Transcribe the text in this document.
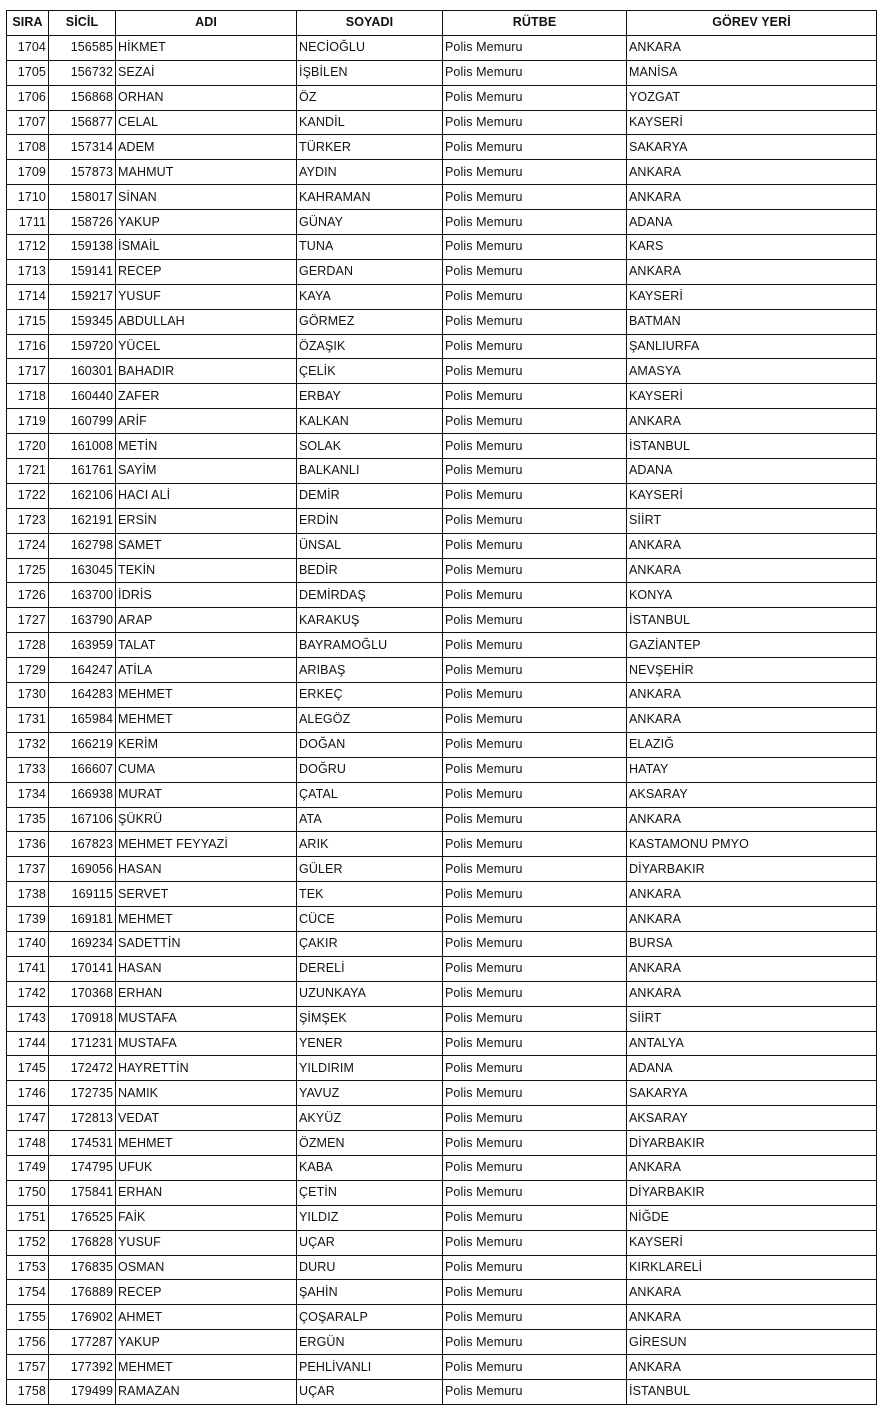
SIRA	SİCİL	ADI	SOYADI	RÜTBE	GÖREV YERİ
1704	156585	HİKMET	NECİOĞLU	Polis Memuru	ANKARA
1705	156732	SEZAİ	İŞBİLEN	Polis Memuru	MANİSA
1706	156868	ORHAN	ÖZ	Polis Memuru	YOZGAT
1707	156877	CELAL	KANDİL	Polis Memuru	KAYSERİ
1708	157314	ADEM	TÜRKER	Polis Memuru	SAKARYA
1709	157873	MAHMUT	AYDIN	Polis Memuru	ANKARA
1710	158017	SİNAN	KAHRAMAN	Polis Memuru	ANKARA
1711	158726	YAKUP	GÜNAY	Polis Memuru	ADANA
1712	159138	İSMAİL	TUNA	Polis Memuru	KARS
1713	159141	RECEP	GERDAN	Polis Memuru	ANKARA
1714	159217	YUSUF	KAYA	Polis Memuru	KAYSERİ
1715	159345	ABDULLAH	GÖRMEZ	Polis Memuru	BATMAN
1716	159720	YÜCEL	ÖZAŞIK	Polis Memuru	ŞANLIURFA
1717	160301	BAHADIR	ÇELİK	Polis Memuru	AMASYA
1718	160440	ZAFER	ERBAY	Polis Memuru	KAYSERİ
1719	160799	ARİF	KALKAN	Polis Memuru	ANKARA
1720	161008	METİN	SOLAK	Polis Memuru	İSTANBUL
1721	161761	SAYİM	BALKANLI	Polis Memuru	ADANA
1722	162106	HACI ALİ	DEMİR	Polis Memuru	KAYSERİ
1723	162191	ERSİN	ERDİN	Polis Memuru	SİİRT
1724	162798	SAMET	ÜNSAL	Polis Memuru	ANKARA
1725	163045	TEKİN	BEDİR	Polis Memuru	ANKARA
1726	163700	İDRİS	DEMİRDAŞ	Polis Memuru	KONYA
1727	163790	ARAP	KARAKUŞ	Polis Memuru	İSTANBUL
1728	163959	TALAT	BAYRAMOĞLU	Polis Memuru	GAZİANTEP
1729	164247	ATİLA	ARIBAŞ	Polis Memuru	NEVŞEHİR
1730	164283	MEHMET	ERKEÇ	Polis Memuru	ANKARA
1731	165984	MEHMET	ALEGÖZ	Polis Memuru	ANKARA
1732	166219	KERİM	DOĞAN	Polis Memuru	ELAZIĞ
1733	166607	CUMA	DOĞRU	Polis Memuru	HATAY
1734	166938	MURAT	ÇATAL	Polis Memuru	AKSARAY
1735	167106	ŞÜKRÜ	ATA	Polis Memuru	ANKARA
1736	167823	MEHMET FEYYAZİ	ARIK	Polis Memuru	KASTAMONU PMYO
1737	169056	HASAN	GÜLER	Polis Memuru	DİYARBAKIR
1738	169115	SERVET	TEK	Polis Memuru	ANKARA
1739	169181	MEHMET	CÜCE	Polis Memuru	ANKARA
1740	169234	SADETTİN	ÇAKIR	Polis Memuru	BURSA
1741	170141	HASAN	DERELİ	Polis Memuru	ANKARA
1742	170368	ERHAN	UZUNKAYA	Polis Memuru	ANKARA
1743	170918	MUSTAFA	ŞİMŞEK	Polis Memuru	SİİRT
1744	171231	MUSTAFA	YENER	Polis Memuru	ANTALYA
1745	172472	HAYRETTİN	YILDIRIM	Polis Memuru	ADANA
1746	172735	NAMIK	YAVUZ	Polis Memuru	SAKARYA
1747	172813	VEDAT	AKYÜZ	Polis Memuru	AKSARAY
1748	174531	MEHMET	ÖZMEN	Polis Memuru	DİYARBAKIR
1749	174795	UFUK	KABA	Polis Memuru	ANKARA
1750	175841	ERHAN	ÇETİN	Polis Memuru	DİYARBAKIR
1751	176525	FAİK	YILDIZ	Polis Memuru	NİĞDE
1752	176828	YUSUF	UÇAR	Polis Memuru	KAYSERİ
1753	176835	OSMAN	DURU	Polis Memuru	KIRKLARELİ
1754	176889	RECEP	ŞAHİN	Polis Memuru	ANKARA
1755	176902	AHMET	ÇOŞARALP	Polis Memuru	ANKARA
1756	177287	YAKUP	ERGÜN	Polis Memuru	GİRESUN
1757	177392	MEHMET	PEHLİVANLI	Polis Memuru	ANKARA
1758	179499	RAMAZAN	UÇAR	Polis Memuru	İSTANBUL
